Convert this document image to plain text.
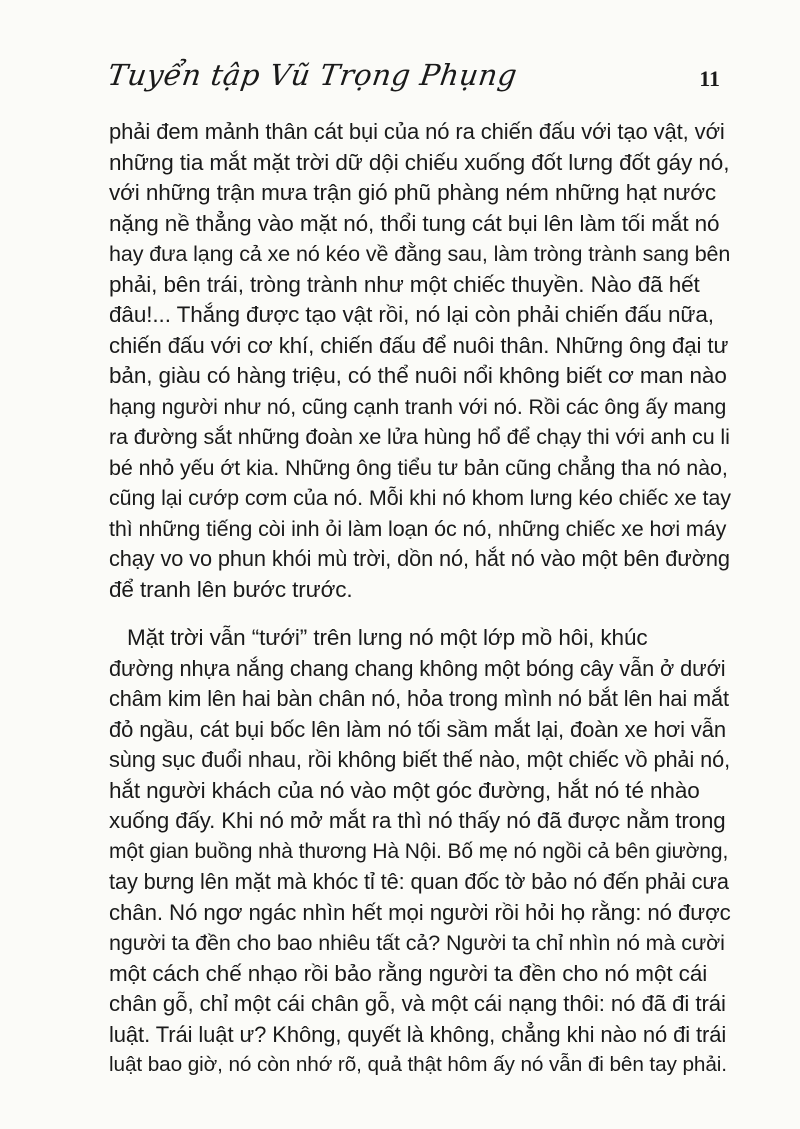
Tuyển tập Vũ Trọng Phụng	11
phải đem mảnh thân cát bụi của nó ra chiến đấu với tạo vật, với
những tia mắt mặt trời dữ dội chiếu xuống đốt lưng đốt gáy nó,
với những trận mưa trận gió phũ phàng ném những hạt nước
nặng nề thẳng vào mặt nó, thổi tung cát bụi lên làm tối mắt nó
hay đưa lạng cả xe nó kéo về đằng sau, làm tròng trành sang bên
phải, bên trái, tròng trành như một chiếc thuyền. Nào đã hết
đâu!... Thắng được tạo vật rồi, nó lại còn phải chiến đấu nữa,
chiến đấu với cơ khí, chiến đấu để nuôi thân. Những ông đại tư
bản, giàu có hàng triệu, có thể nuôi nổi không biết cơ man nào
hạng người như nó, cũng cạnh tranh với nó. Rồi các ông ấy mang
ra đường sắt những đoàn xe lửa hùng hổ để chạy thi với anh cu li
bé nhỏ yếu ớt kia. Những ông tiểu tư bản cũng chẳng tha nó nào,
cũng lại cướp cơm của nó. Mỗi khi nó khom lưng kéo chiếc xe tay
thì những tiếng còi inh ỏi làm loạn óc nó, những chiếc xe hơi máy
chạy vo vo phun khói mù trời, dồn nó, hắt nó vào một bên đường
để tranh lên bước trước.
Mặt trời vẫn “tưới” trên lưng nó một lớp mồ hôi, khúc
đường nhựa nắng chang chang không một bóng cây vẫn ở dưới
châm kim lên hai bàn chân nó, hỏa trong mình nó bắt lên hai mắt
đỏ ngầu, cát bụi bốc lên làm nó tối sầm mắt lại, đoàn xe hơi vẫn
sùng sục đuổi nhau, rồi không biết thế nào, một chiếc vồ phải nó,
hắt người khách của nó vào một góc đường, hắt nó té nhào
xuống đấy. Khi nó mở mắt ra thì nó thấy nó đã được nằm trong
một gian buồng nhà thương Hà Nội. Bố mẹ nó ngồi cả bên giường,
tay bưng lên mặt mà khóc tỉ tê: quan đốc tờ bảo nó đến phải cưa
chân. Nó ngơ ngác nhìn hết mọi người rồi hỏi họ rằng: nó được
người ta đền cho bao nhiêu tất cả? Người ta chỉ nhìn nó mà cười
một cách chế nhạo rồi bảo rằng người ta đền cho nó một cái
chân gỗ, chỉ một cái chân gỗ, và một cái nạng thôi: nó đã đi trái
luật. Trái luật ư? Không, quyết là không, chẳng khi nào nó đi trái
luật bao giờ, nó còn nhớ rõ, quả thật hôm ấy nó vẫn đi bên tay phải.
